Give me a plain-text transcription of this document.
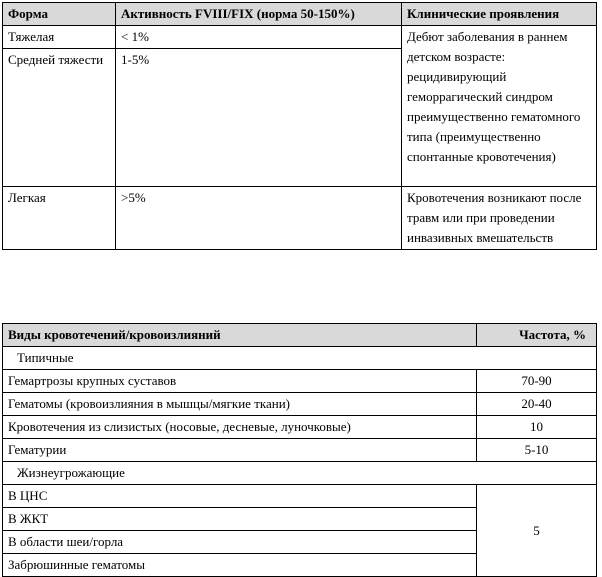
Форма	Активность FVIII/FIX (норма 50-150%)	Клинические проявления
Тяжелая	< 1%	Дебют заболевания в раннем детском возрасте: рецидивирующий геморрагический синдром преимущественно гематомного типа (преимущественно спонтанные кровотечения)
Средней тяжести	1-5%	
Легкая	>5%	Кровотечения возникают после травм или при проведении инвазивных вмешательств
Виды кровотечений/кровоизлияний	Частота, %
Типичные	
Гемартрозы крупных суставов	70-90
Гематомы (кровоизлияния в мышцы/мягкие ткани)	20-40
Кровотечения из слизистых (носовые, десневые, луночковые)	10
Гематурии	5-10
Жизнеугрожающие	
В ЦНС	5
В ЖКТ	
В области шеи/горла	
Забрюшинные гематомы	
